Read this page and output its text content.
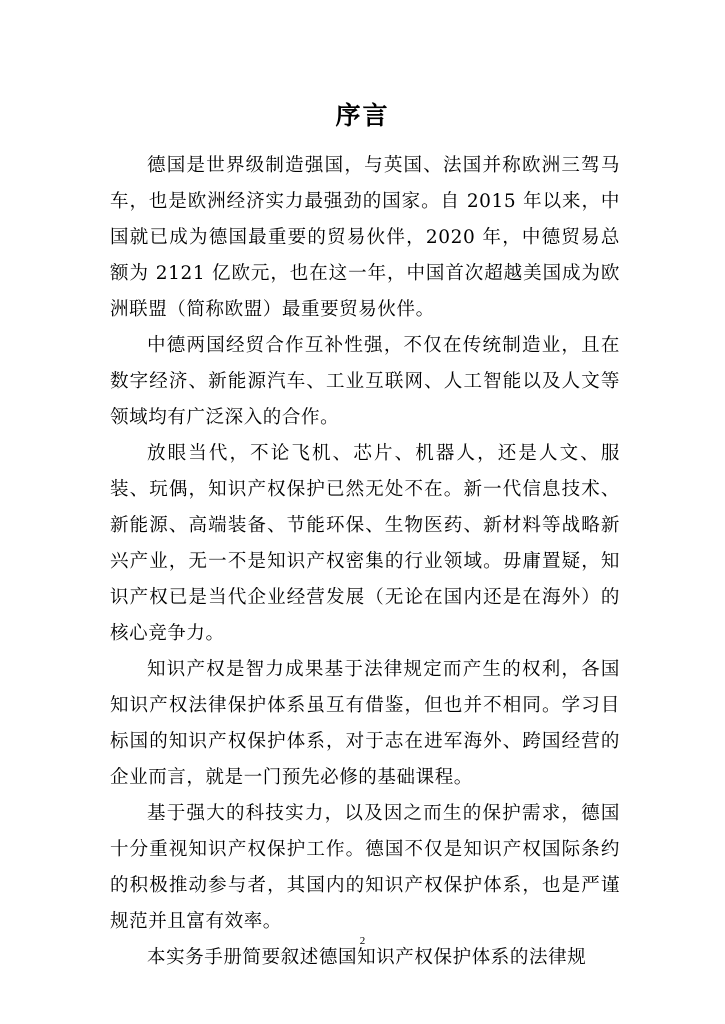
序言

德国是世界级制造强国，与英国、法国并称欧洲三驾马车，也是欧洲经济实力最强劲的国家。自 2015 年以来，中国就已成为德国最重要的贸易伙伴，2020 年，中德贸易总额为 2121 亿欧元，也在这一年，中国首次超越美国成为欧洲联盟（简称欧盟）最重要贸易伙伴。

中德两国经贸合作互补性强，不仅在传统制造业，且在数字经济、新能源汽车、工业互联网、人工智能以及人文等领域均有广泛深入的合作。

放眼当代，不论飞机、芯片、机器人，还是人文、服装、玩偶，知识产权保护已然无处不在。新一代信息技术、新能源、高端装备、节能环保、生物医药、新材料等战略新兴产业，无一不是知识产权密集的行业领域。毋庸置疑，知识产权已是当代企业经营发展（无论在国内还是在海外）的核心竞争力。

知识产权是智力成果基于法律规定而产生的权利，各国知识产权法律保护体系虽互有借鉴，但也并不相同。学习目标国的知识产权保护体系，对于志在进军海外、跨国经营的企业而言，就是一门预先必修的基础课程。

基于强大的科技实力，以及因之而生的保护需求，德国十分重视知识产权保护工作。德国不仅是知识产权国际条约的积极推动参与者，其国内的知识产权保护体系，也是严谨规范并且富有效率。

本实务手册简要叙述德国知识产权保护体系的法律规

2
